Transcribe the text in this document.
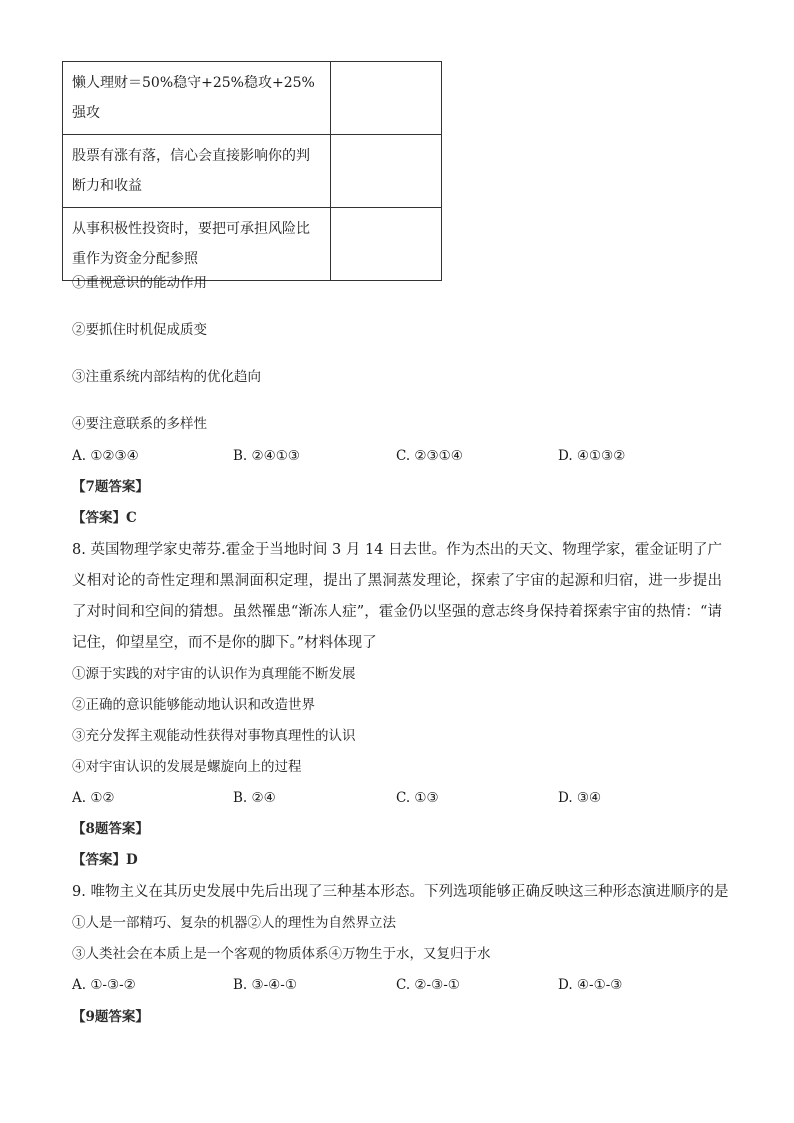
懒人理财＝50%稳守+25%稳攻+25%强攻	
股票有涨有落，信心会直接影响你的判断力和收益	
从事积极性投资时，要把可承担风险比重作为资金分配参照	
①重视意识的能动作用
②要抓住时机促成质变
③注重系统内部结构的优化趋向
④要注意联系的多样性
A. ①②③④	B. ②④①③	C. ②③①④	D. ④①③②
【7题答案】
【答案】C
8. 英国物理学家史蒂芬.霍金于当地时间 3 月 14 日去世。作为杰出的天文、物理学家，霍金证明了广义相对论的奇性定理和黑洞面积定理，提出了黑洞蒸发理论，探索了宇宙的起源和归宿，进一步提出了对时间和空间的猜想。虽然罹患“渐冻人症”，霍金仍以坚强的意志终身保持着探索宇宙的热情：“请记住，仰望星空，而不是你的脚下。”材料体现了
①源于实践的对宇宙的认识作为真理能不断发展
②正确的意识能够能动地认识和改造世界
③充分发挥主观能动性获得对事物真理性的认识
④对宇宙认识的发展是螺旋向上的过程
A. ①②	B. ②④	C. ①③	D. ③④
【8题答案】
【答案】D
9. 唯物主义在其历史发展中先后出现了三种基本形态。下列选项能够正确反映这三种形态演进顺序的是
①人是一部精巧、复杂的机器②人的理性为自然界立法
③人类社会在本质上是一个客观的物质体系④万物生于水，又复归于水
A. ①-③-②	B. ③-④-①	C. ②-③-①	D. ④-①-③
【9题答案】
